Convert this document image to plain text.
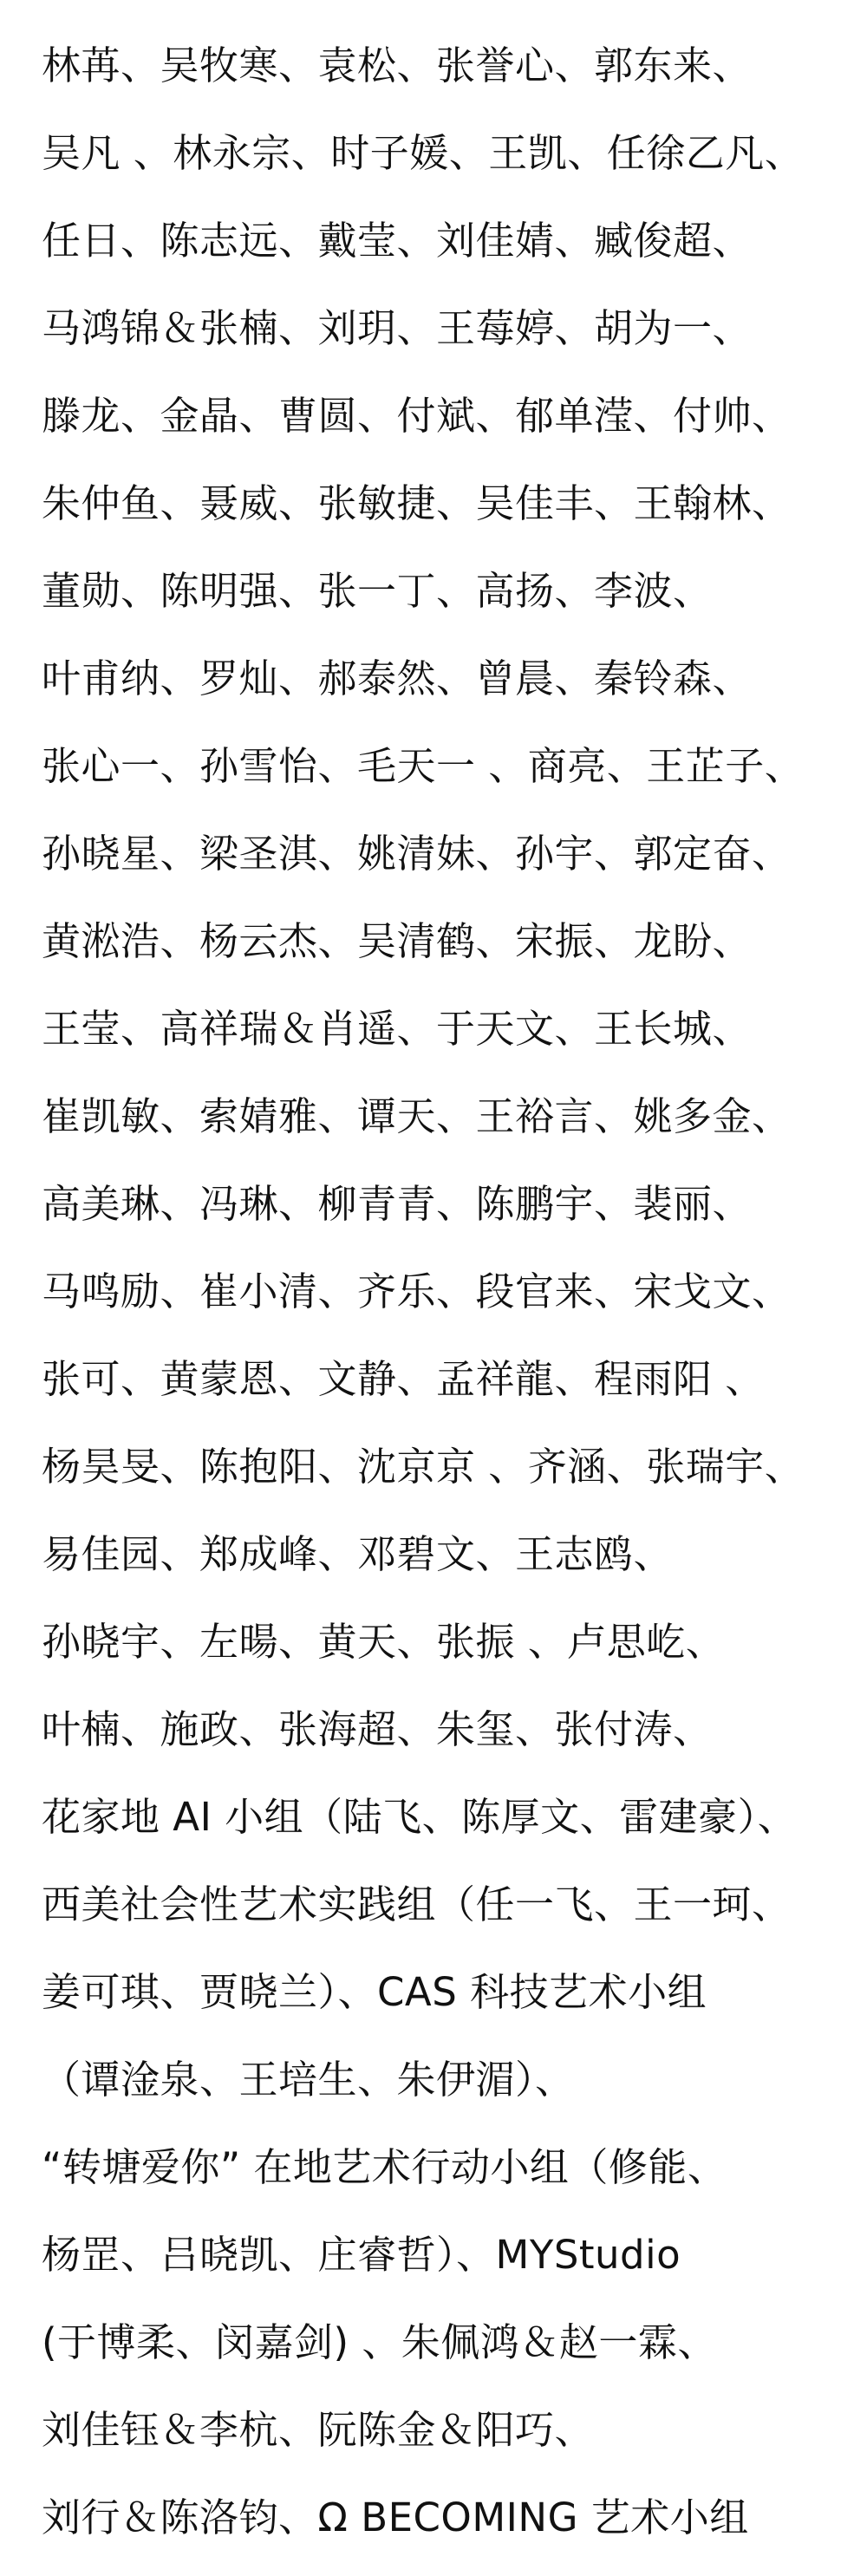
林苒、吴牧寒、袁松、张誉心、郭东来、
吴凡 、林永宗、时子媛、王凯、任徐乙凡、
任日、陈志远、戴莹、刘佳婧、臧俊超、
马鸿锦＆张楠、刘玥、王莓婷、胡为一、
滕龙、金晶、曹圆、付斌、郁单滢、付帅、
朱仲鱼、聂威、张敏捷、吴佳丰、王翰林、
董勋、陈明强、张一丁、高扬、李波、
叶甫纳、罗灿、郝泰然、曾晨、秦铃森、
张心一、孙雪怡、毛天一 、商亮、王芷子、
孙晓星、梁圣淇、姚清妹、孙宇、郭定奋、
黄淞浩、杨云杰、吴清鹤、宋振、龙盼、
王莹、高祥瑞＆肖遥、于天文、王长城、
崔凯敏、索婧雅、谭天、王裕言、姚多金、
高美琳、冯琳、柳青青、陈鹏宇、裴丽、
马鸣励、崔小清、齐乐、段官来、宋戈文、
张可、黄蒙恩、文静、孟祥龍、程雨阳 、
杨昊旻、陈抱阳、沈京京 、齐涵、张瑞宇、
易佳园、郑成峰、邓碧文、王志鸥、
孙晓宇、左暘、黄天、张振 、卢思屹、
叶楠、施政、张海超、朱玺、张付涛、
花家地 AI 小组（陆飞、陈厚文、雷建豪）、
西美社会性艺术实践组（任一飞、王一珂、
姜可琪、贾晓兰）、CAS 科技艺术小组
（谭淦泉、王培生、朱伊湄）、
“转塘爱你” 在地艺术行动小组（修能、
杨罡、吕晓凯、庄睿哲）、MYStudio
(于博柔、闵嘉剑) 、朱佩鸿＆赵一霖、
刘佳钰＆李杭、阮陈金＆阳巧、
刘行＆陈洛钧、Ω BECOMING 艺术小组
